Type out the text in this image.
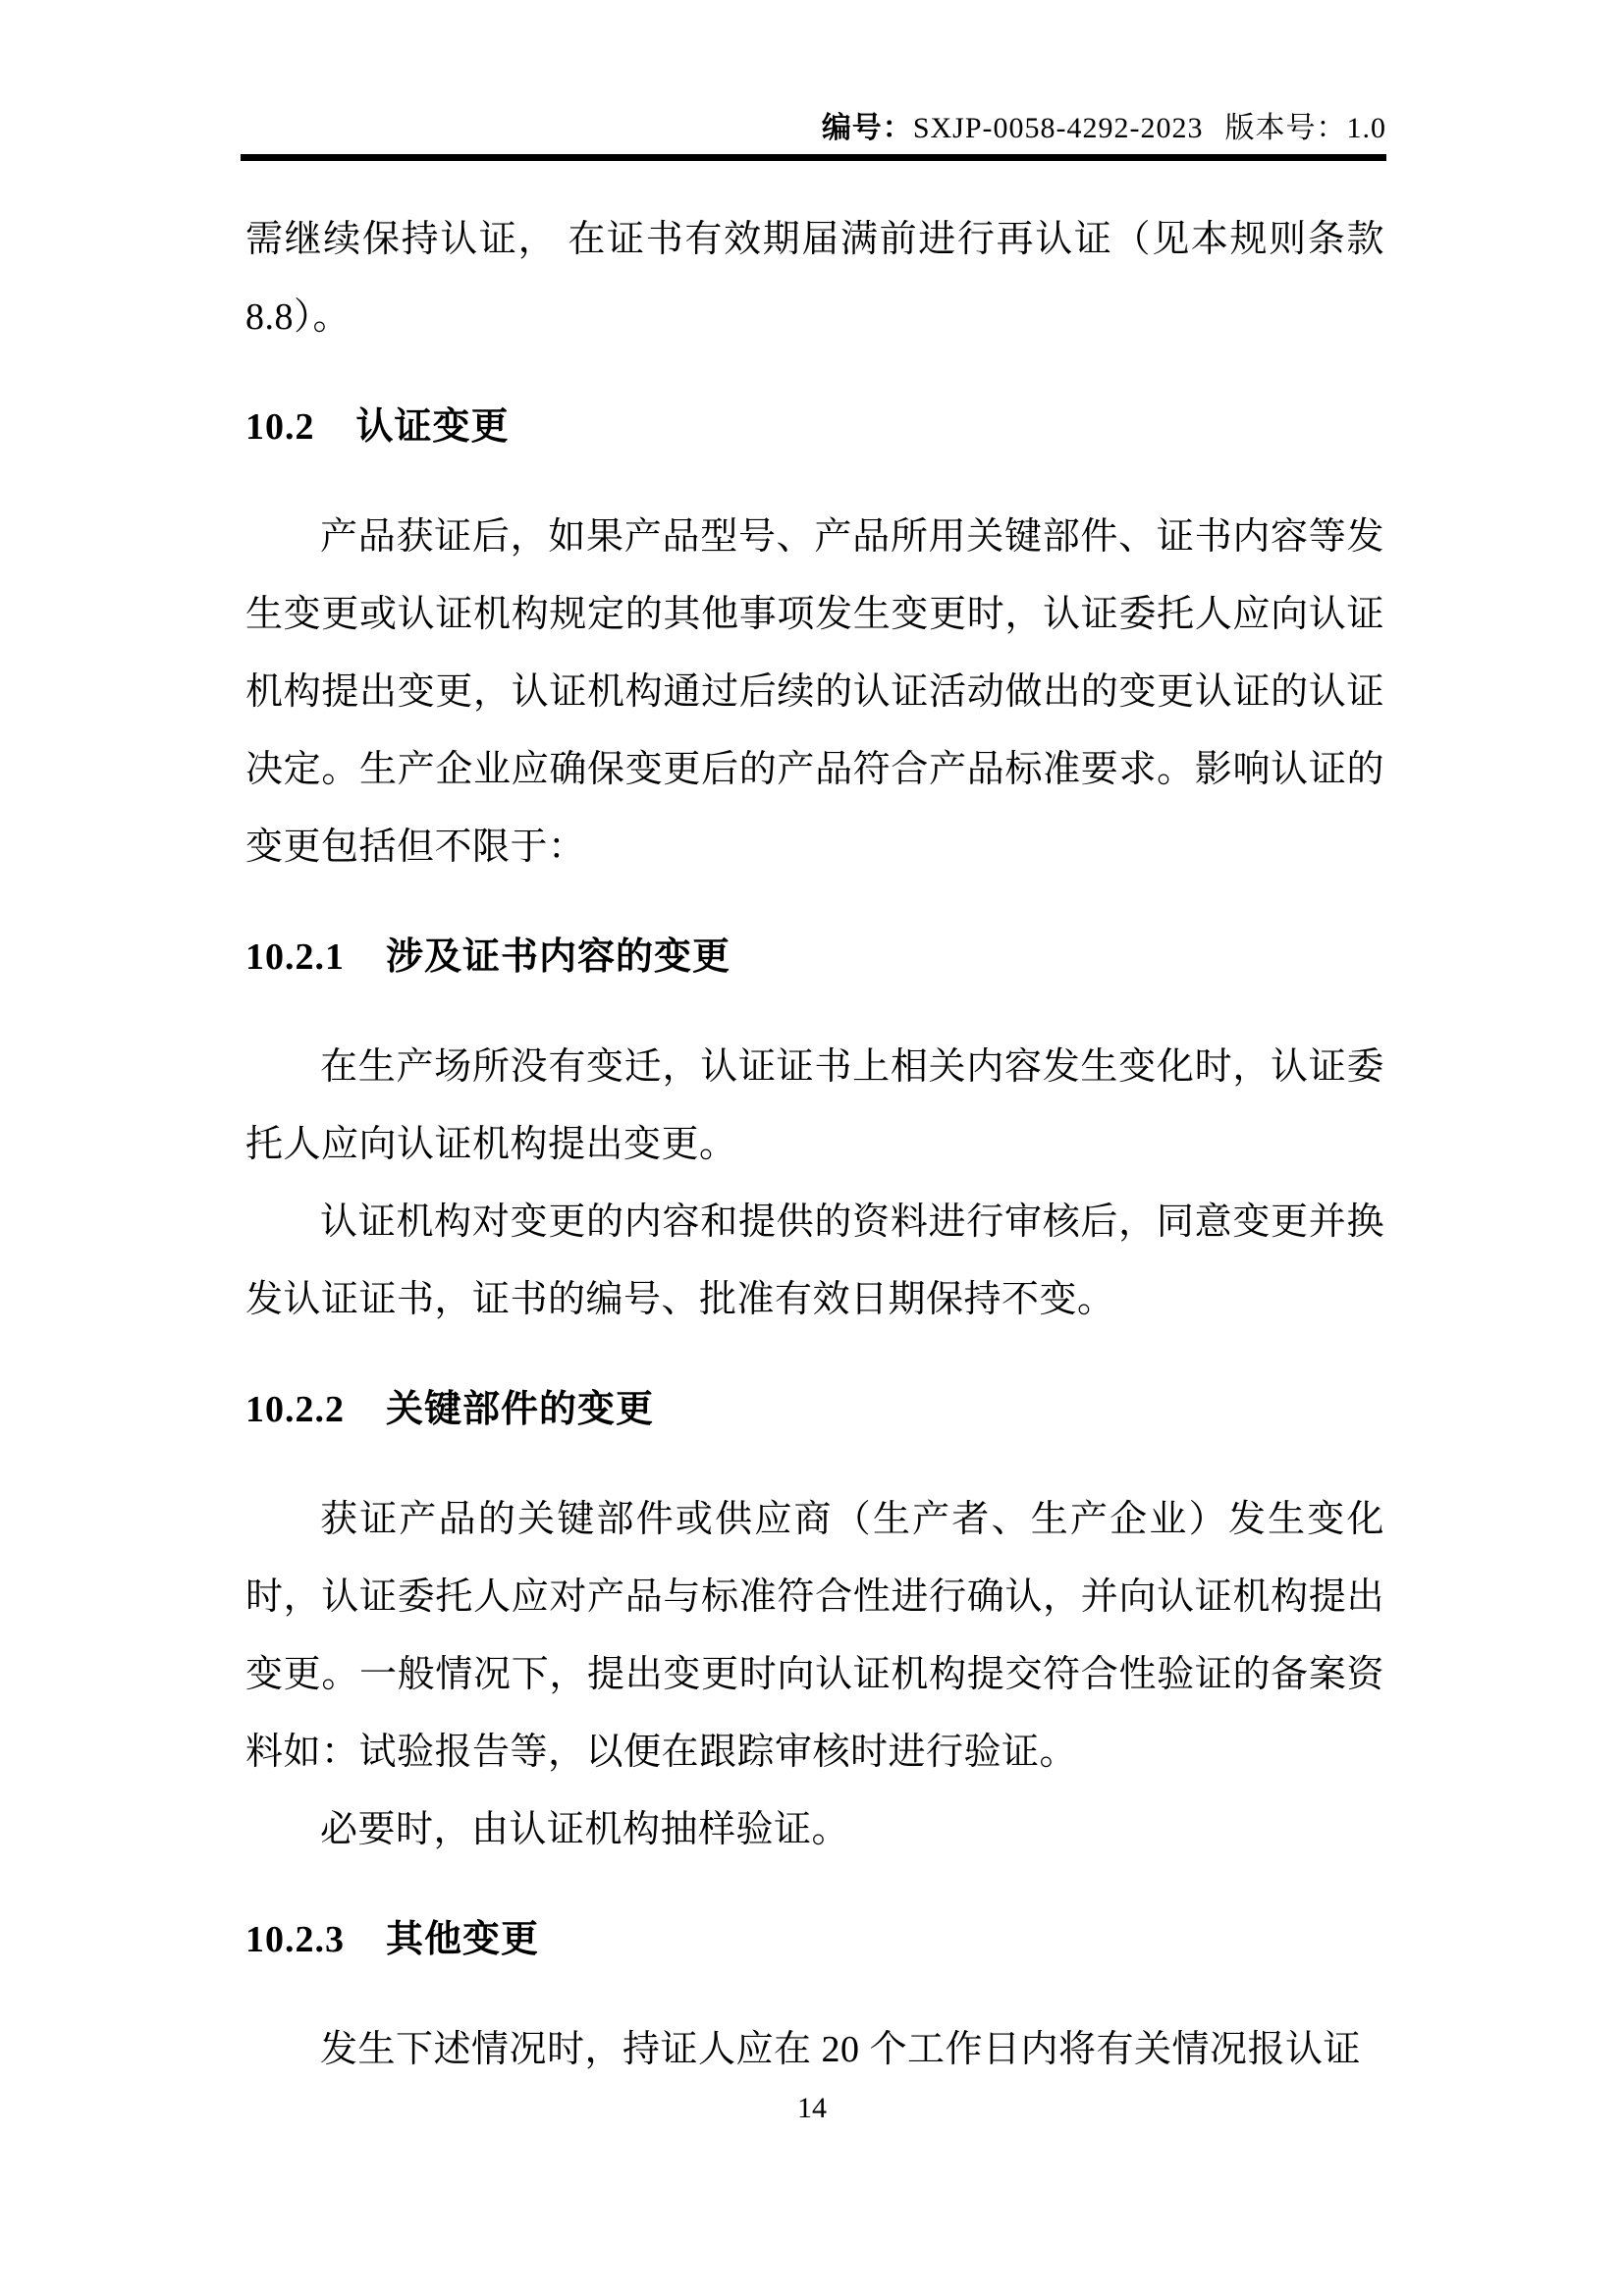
编号：SXJP-0058-4292-2023 版本号：1.0

需继续保持认证， 在证书有效期届满前进行再认证（见本规则条款 8.8）。

10.2 认证变更

产品获证后，如果产品型号、产品所用关键部件、证书内容等发生变更或认证机构规定的其他事项发生变更时，认证委托人应向认证机构提出变更，认证机构通过后续的认证活动做出的变更认证的认证决定。生产企业应确保变更后的产品符合产品标准要求。影响认证的变更包括但不限于：

10.2.1 涉及证书内容的变更

在生产场所没有变迁，认证证书上相关内容发生变化时，认证委托人应向认证机构提出变更。

认证机构对变更的内容和提供的资料进行审核后，同意变更并换发认证证书，证书的编号、批准有效日期保持不变。

10.2.2 关键部件的变更

获证产品的关键部件或供应商（生产者、生产企业）发生变化时，认证委托人应对产品与标准符合性进行确认，并向认证机构提出变更。一般情况下，提出变更时向认证机构提交符合性验证的备案资料如：试验报告等，以便在跟踪审核时进行验证。

必要时，由认证机构抽样验证。

10.2.3 其他变更

发生下述情况时，持证人应在 20 个工作日内将有关情况报认证

14
